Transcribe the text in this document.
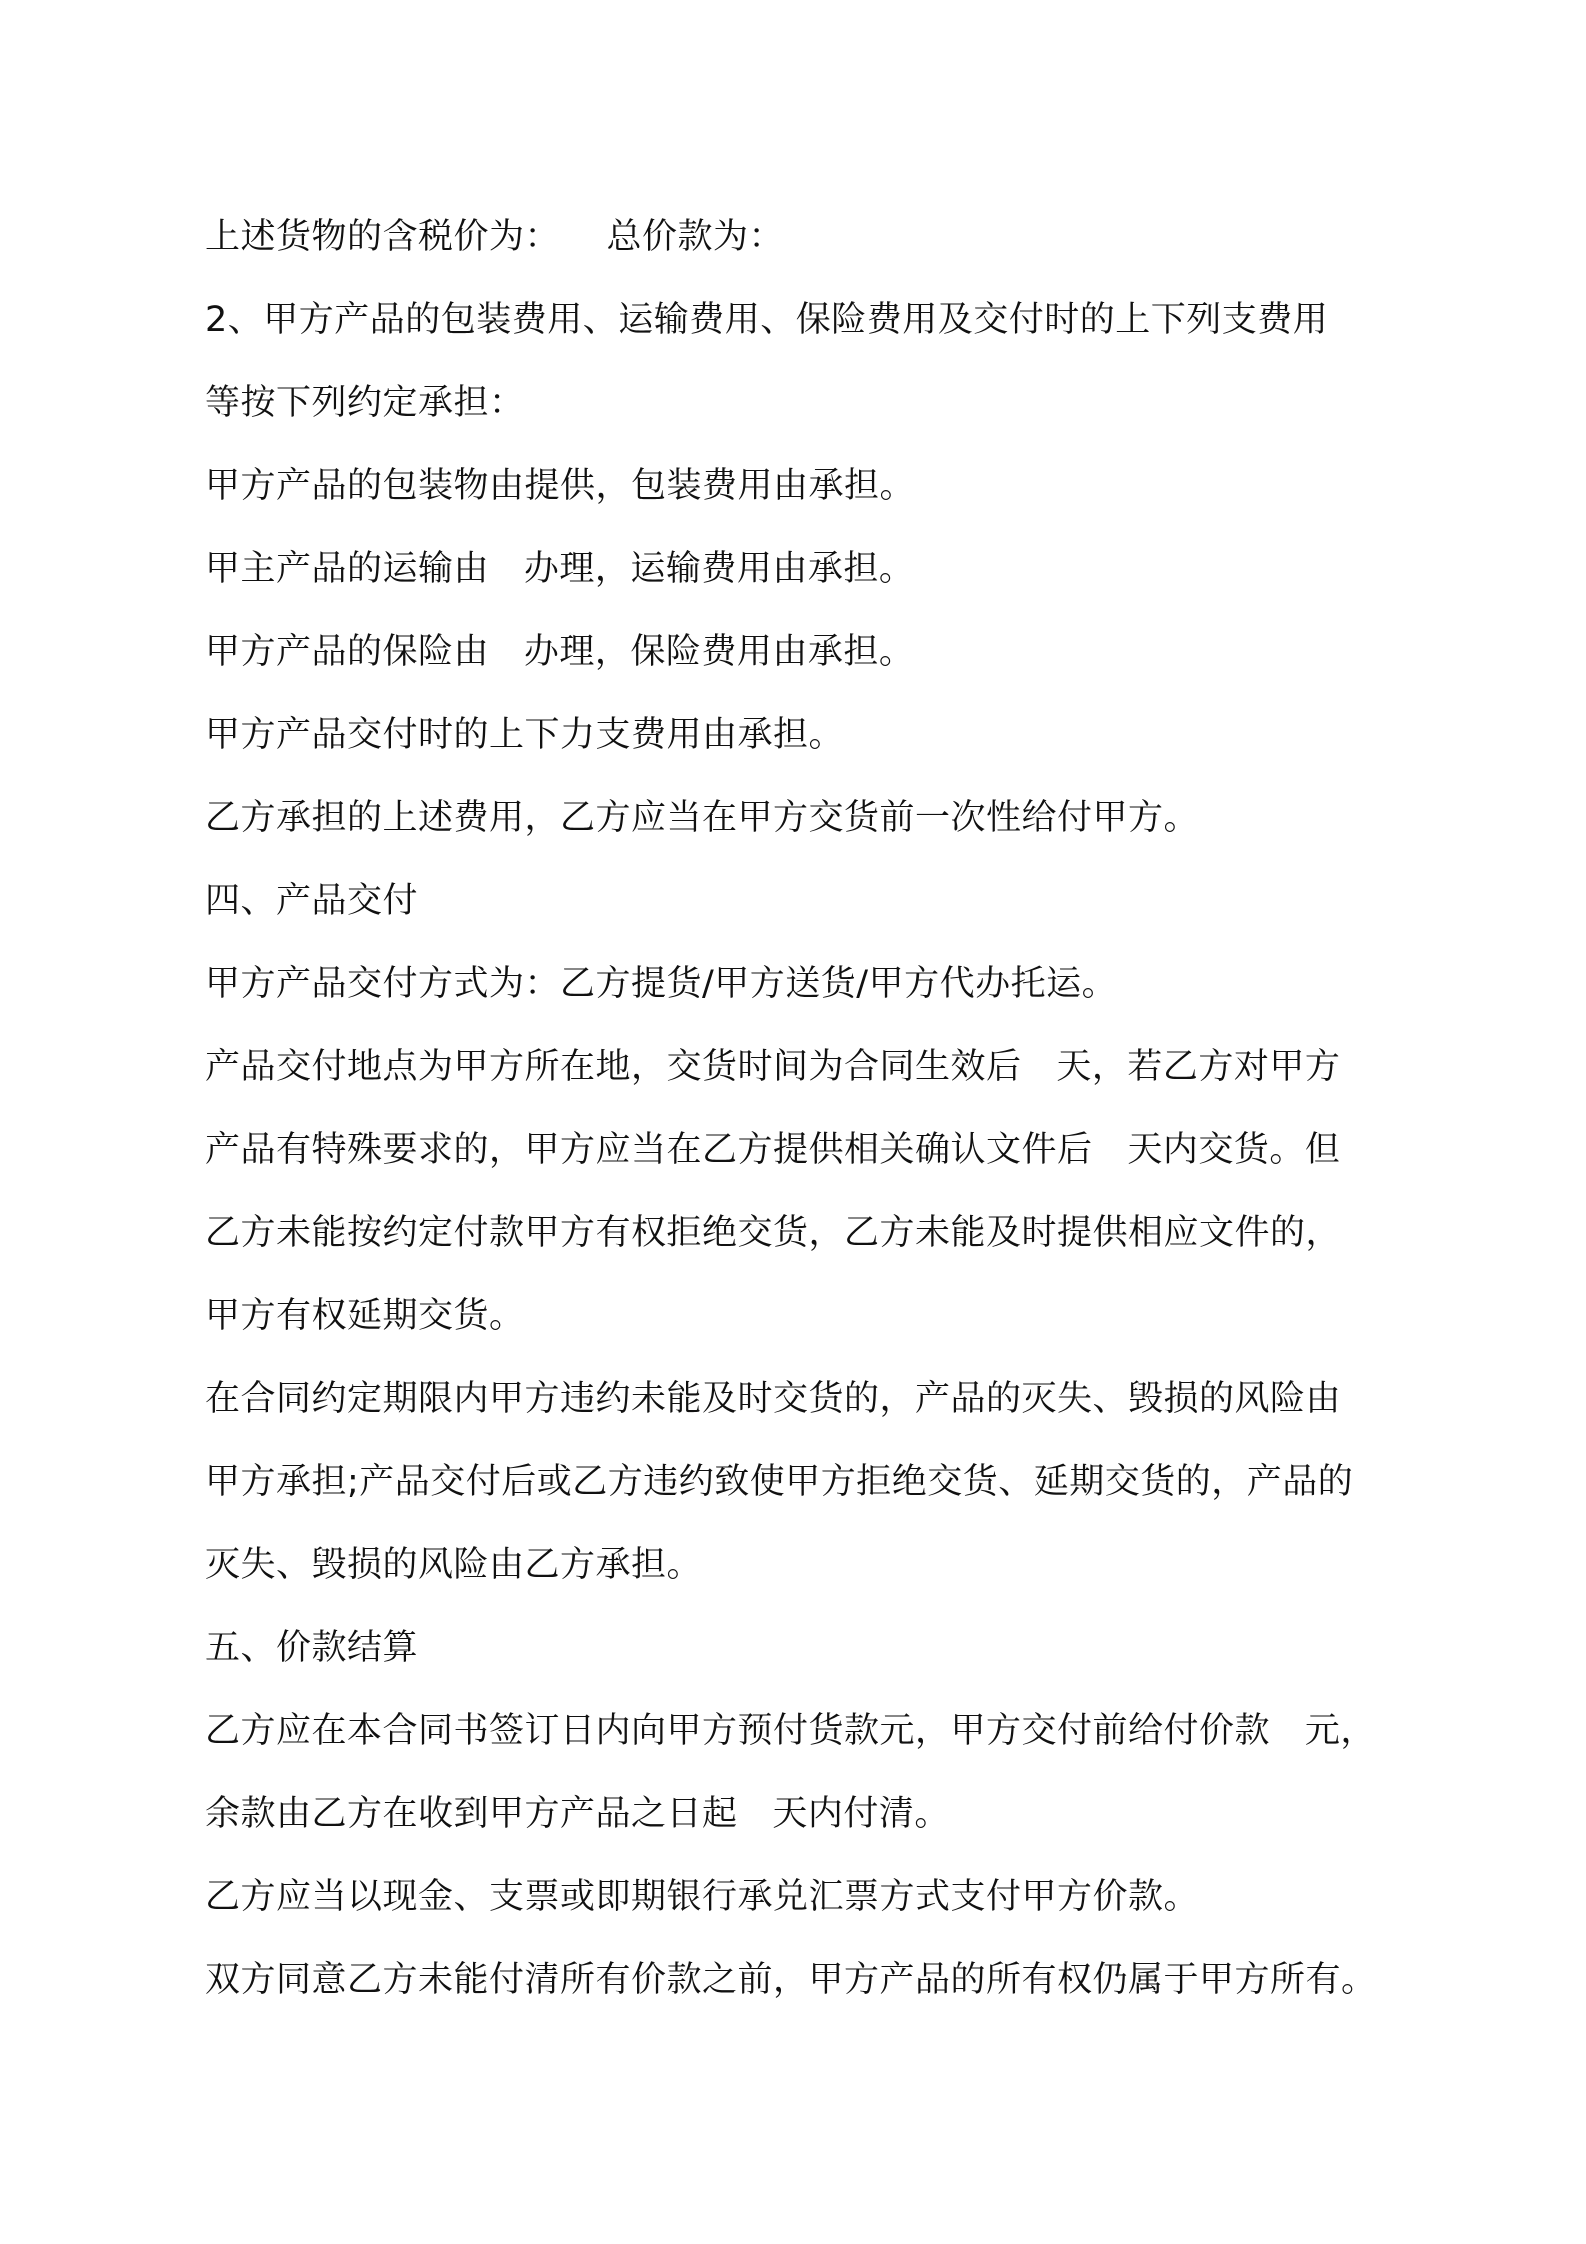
上述货物的含税价为：    总价款为：
2、甲方产品的包装费用、运输费用、保险费用及交付时的上下列支费用
等按下列约定承担：
甲方产品的包装物由提供，包装费用由承担。
甲主产品的运输由   办理，运输费用由承担。
甲方产品的保险由   办理，保险费用由承担。
甲方产品交付时的上下力支费用由承担。
乙方承担的上述费用，乙方应当在甲方交货前一次性给付甲方。
四、产品交付
甲方产品交付方式为：乙方提货/甲方送货/甲方代办托运。
产品交付地点为甲方所在地，交货时间为合同生效后   天，若乙方对甲方
产品有特殊要求的，甲方应当在乙方提供相关确认文件后   天内交货。但
乙方未能按约定付款甲方有权拒绝交货，乙方未能及时提供相应文件的，
甲方有权延期交货。
在合同约定期限内甲方违约未能及时交货的，产品的灭失、毁损的风险由
甲方承担;产品交付后或乙方违约致使甲方拒绝交货、延期交货的，产品的
灭失、毁损的风险由乙方承担。
五、价款结算
乙方应在本合同书签订日内向甲方预付货款元，甲方交付前给付价款   元，
余款由乙方在收到甲方产品之日起   天内付清。
乙方应当以现金、支票或即期银行承兑汇票方式支付甲方价款。
双方同意乙方未能付清所有价款之前，甲方产品的所有权仍属于甲方所有。
